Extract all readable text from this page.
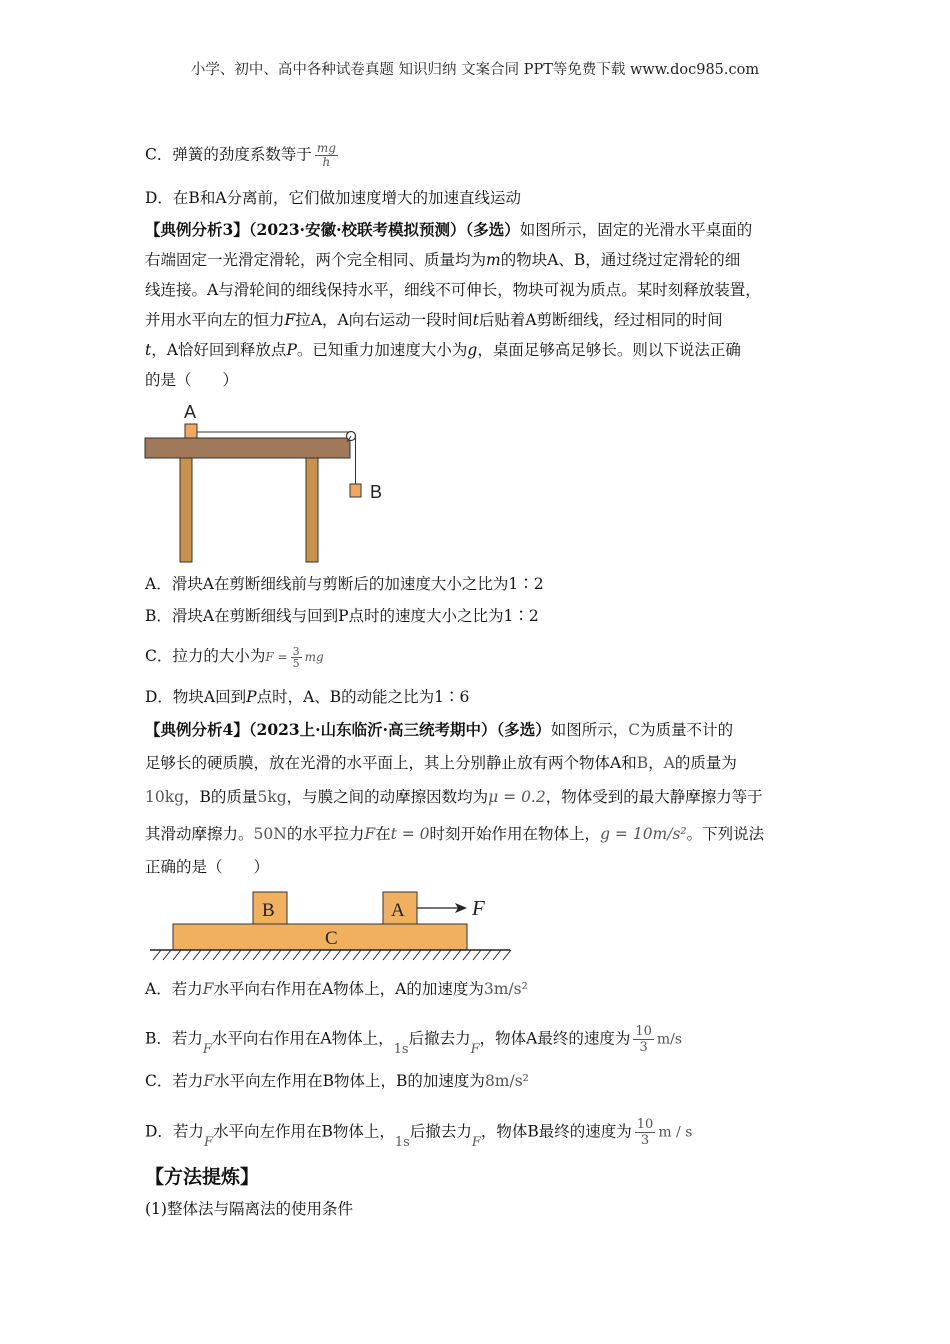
小学、初中、高中各种试卷真题 知识归纳 文案合同 PPT等免费下载 www.doc985.com
C．弹簧的劲度系数等于 $\frac{mg}{h}$
D．在B和A分离前，它们做加速度增大的加速直线运动
【典例分析3】（2023·安徽·校联考模拟预测）（多选）如图所示，固定的光滑水平桌面的
右端固定一光滑定滑轮，两个完全相同、质量均为m的物块A、B，通过绕过定滑轮的细
线连接。A与滑轮间的细线保持水平，细线不可伸长，物块可视为质点。某时刻释放装置，
并用水平向左的恒力F拉A，A向右运动一段时间t后贴着A剪断细线，经过相同的时间
t，A恰好回到释放点P。已知重力加速度大小为g，桌面足够高足够长。则以下说法正确
的是（　　）
A
B
A．滑块A在剪断细线前与剪断后的加速度大小之比为1∶2
B．滑块A在剪断细线与回到P点时的速度大小之比为1∶2
C．拉力的大小为$F = \frac{3}{5}$ mg
D．物块A回到P点时，A、B的动能之比为1∶6
【典例分析4】（2023上·山东临沂·高三统考期中）（多选）如图所示，C为质量不计的
足够长的硬质膜，放在光滑的水平面上，其上分别静止放有两个物体A和B，A的质量为
10kg，B的质量5kg，与膜之间的动摩擦因数均为μ = 0.2，物体受到的最大静摩擦力等于
其滑动摩擦力。50N的水平拉力F在t = 0时刻开始作用在物体上，g = 10m/s²。下列说法
正确的是（　　）
B	A
C
F
A．若力F水平向右作用在A物体上，A的加速度为3m/s²
B．若力F水平向右作用在A物体上，1s后撤去力F，物体A最终的速度为 $\frac{10}{3} m/s$
C．若力F水平向左作用在B物体上，B的加速度为8m/s²
D．若力F水平向左作用在B物体上，1s后撤去力F，物体B最终的速度为 $\frac{10}{3}$ m / s
【方法提炼】
(1)整体法与隔离法的使用条件
